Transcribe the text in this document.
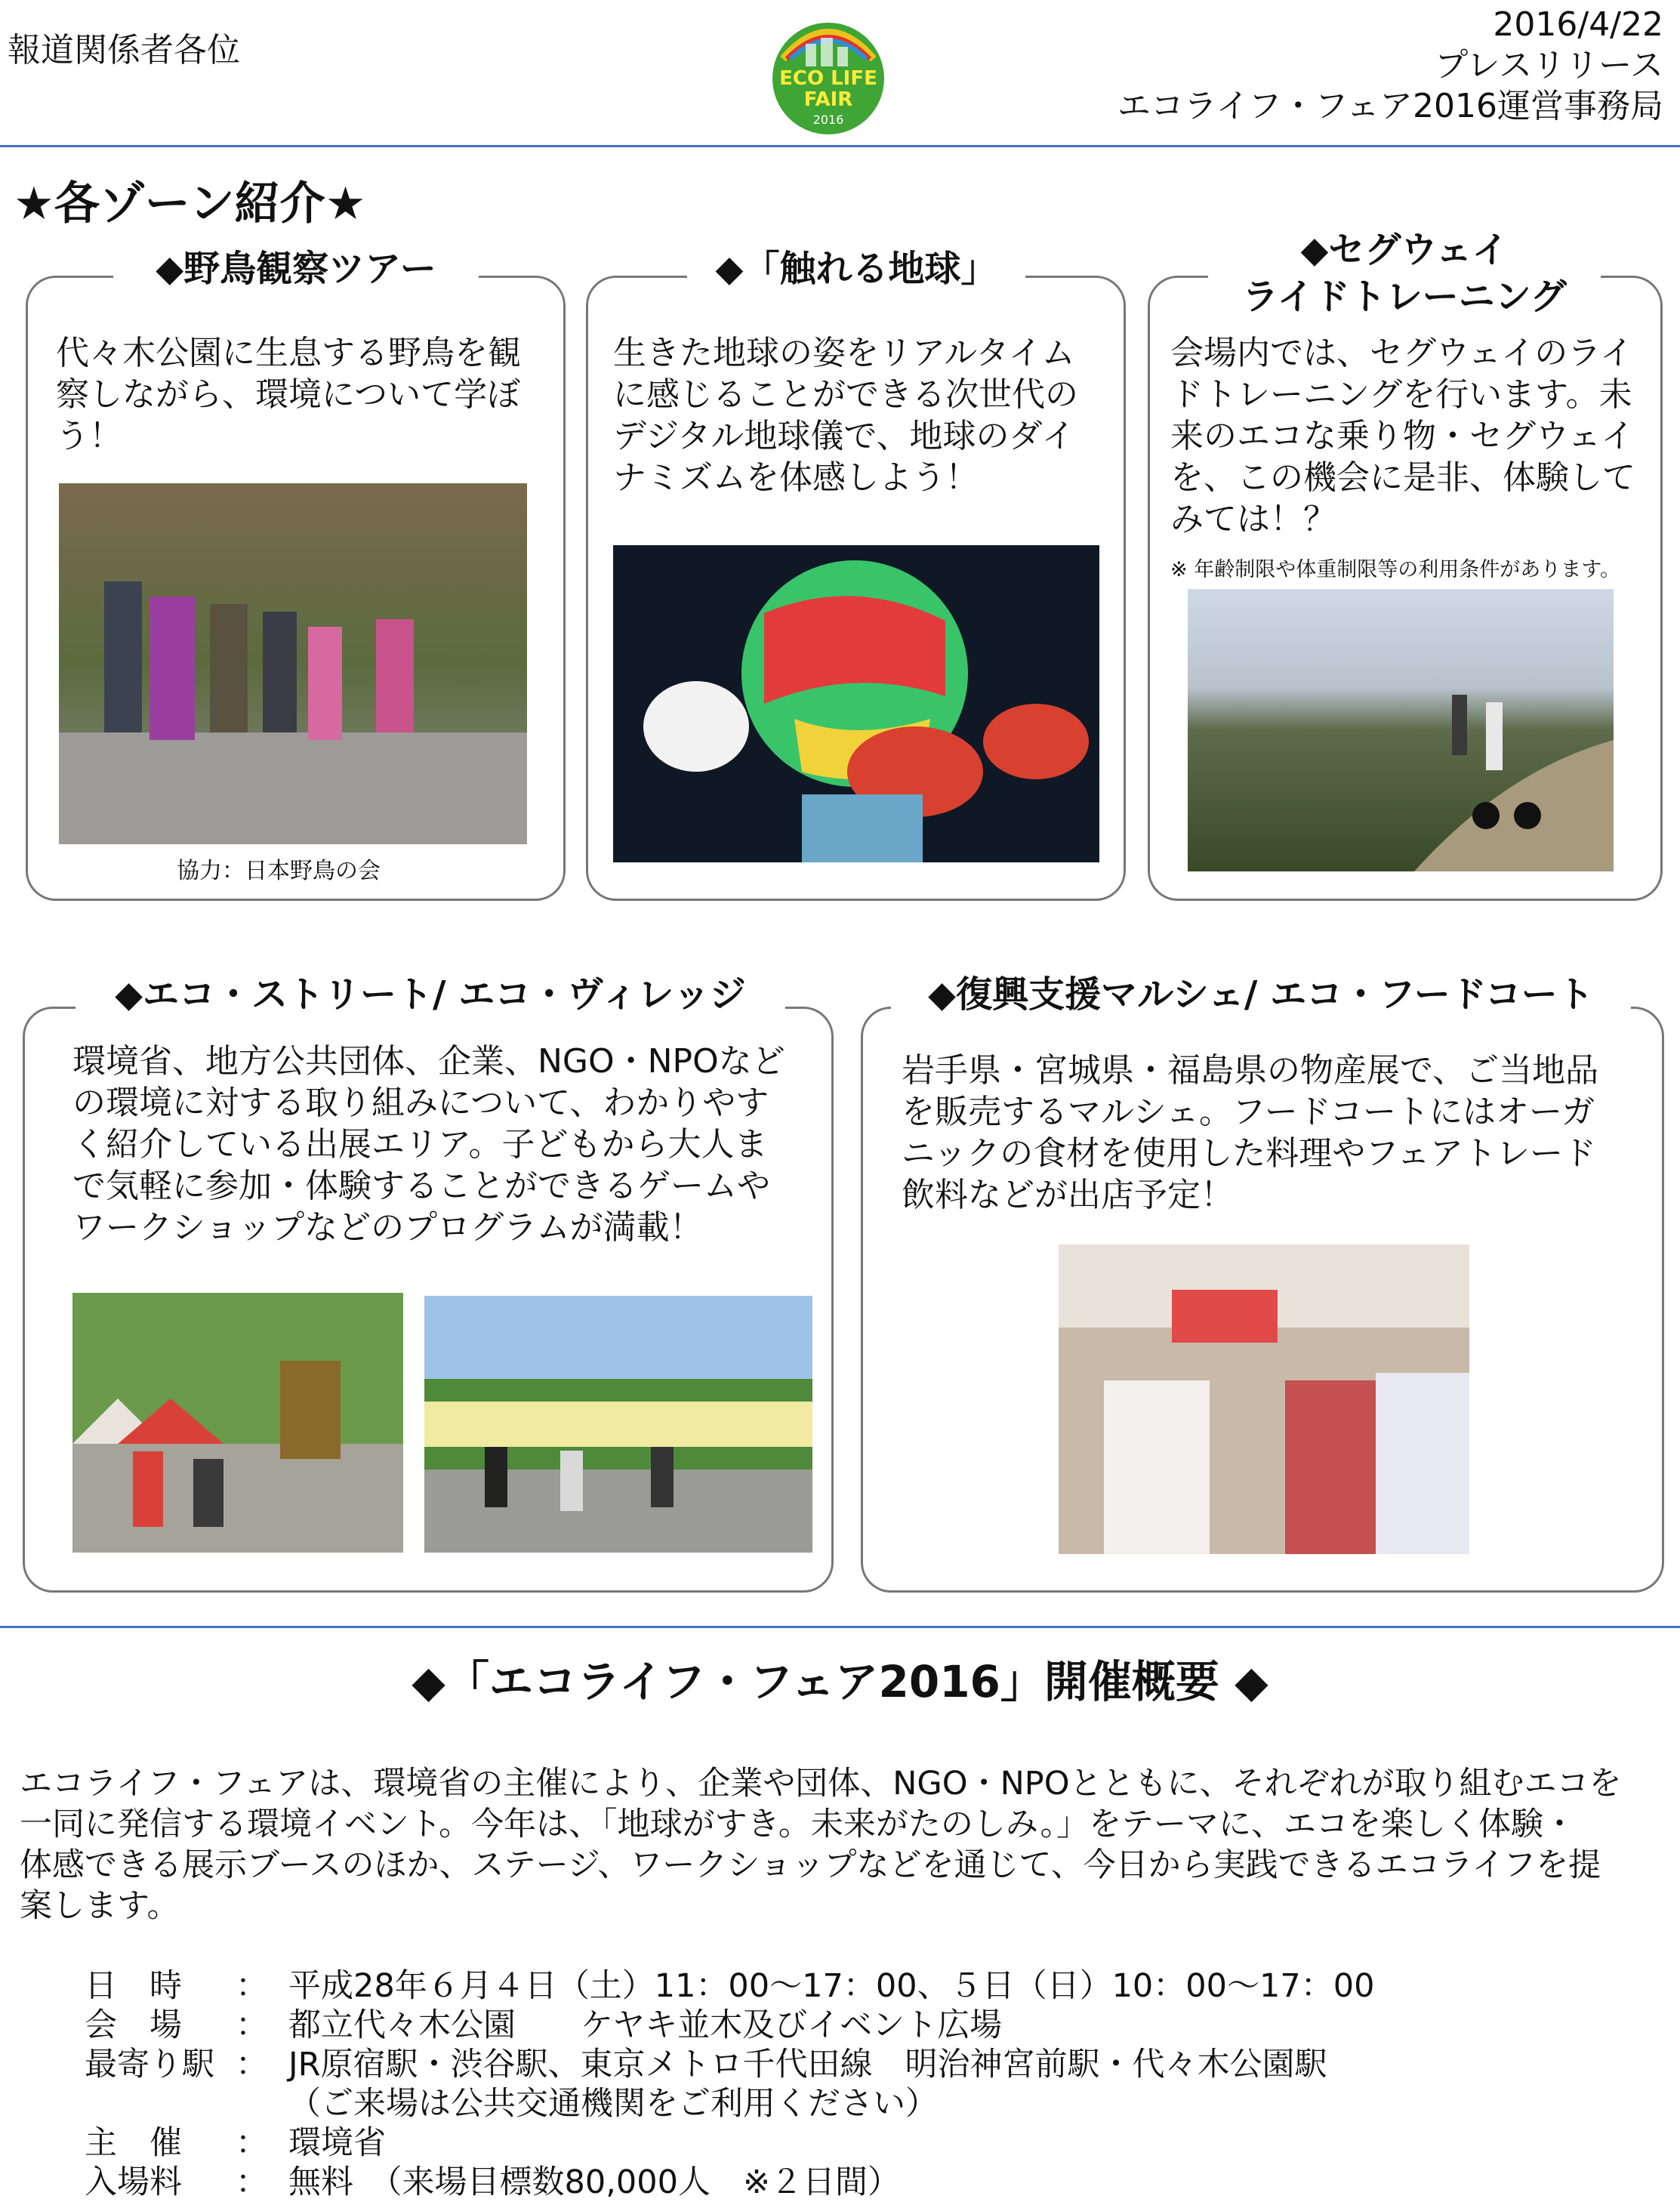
報道関係者各位
ECO LIFE
FAIR
2016
2016/4/22
プレスリリース
エコライフ・フェア2016運営事務局
★各ゾーン紹介★
◆野鳥観察ツアー
代々木公園に生息する野鳥を観
察しながら、環境について学ぼ
う！
協力：日本野鳥の会
◆「触れる地球」
生きた地球の姿をリアルタイム
に感じることができる次世代の
デジタル地球儀で、地球のダイ
ナミズムを体感しよう！
◆セグウェイ
ライドトレーニング
会場内では、セグウェイのライ
ドトレーニングを行います。未
来のエコな乗り物・セグウェイ
を、この機会に是非、体験して
みては！？
※ 年齢制限や体重制限等の利用条件があります。
◆エコ・ストリート/ エコ・ヴィレッジ
環境省、地方公共団体、企業、NGO・NPOなど
の環境に対する取り組みについて、わかりやす
く紹介している出展エリア。子どもから大人ま
で気軽に参加・体験することができるゲームや
ワークショップなどのプログラムが満載！
◆復興支援マルシェ/ エコ・フードコート
岩手県・宮城県・福島県の物産展で、ご当地品
を販売するマルシェ。フードコートにはオーガ
ニックの食材を使用した料理やフェアトレード
飲料などが出店予定！
◆「エコライフ・フェア2016」開催概要 ◆
エコライフ・フェアは、環境省の主催により、企業や団体、NGO・NPOとともに、それぞれが取り組むエコを
一同に発信する環境イベント。今年は、「地球がすき。未来がたのしみ。」をテーマに、エコを楽しく体験・
体感できる展示ブースのほか、ステージ、ワークショップなどを通じて、今日から実践できるエコライフを提
案します。
日　時 ： 平成28年６月４日（土）11：00～17：00、５日（日）10：00～17：00
会　場 ： 都立代々木公園　　ケヤキ並木及びイベント広場
最寄り駅 ： JR原宿駅・渋谷駅、東京メトロ千代田線　明治神宮前駅・代々木公園駅
（ご来場は公共交通機関をご利用ください）
主　催 ： 環境省
入場料 ： 無料　（来場目標数80,000人　※２日間）
